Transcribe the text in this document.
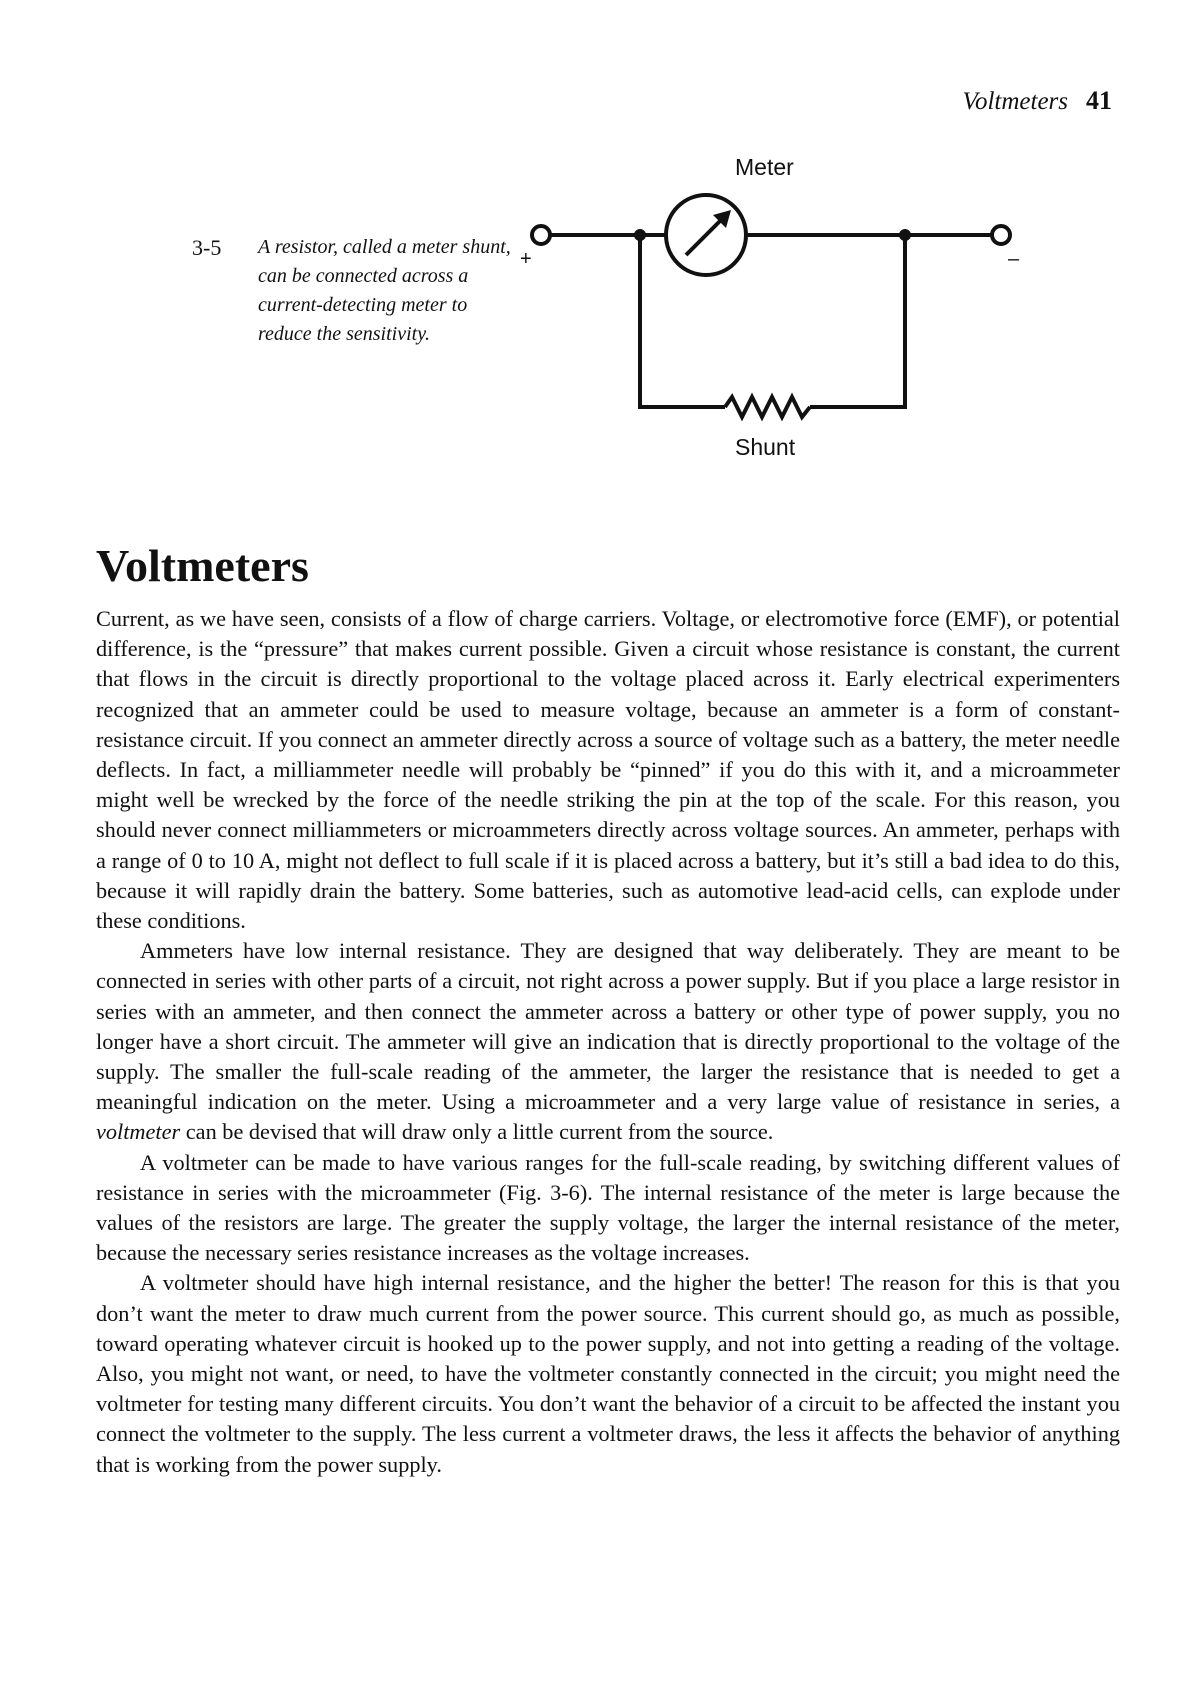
Voltmeters 41
3-5 A resistor, called a meter shunt, can be connected across a current-detecting meter to reduce the sensitivity.
Meter
Shunt
+	–
Voltmeters

Current, as we have seen, consists of a flow of charge carriers. Voltage, or electromotive force (EMF), or potential difference, is the “pressure” that makes current possible. Given a circuit whose resistance is constant, the current that flows in the circuit is directly proportional to the voltage placed across it. Early electrical experimenters recognized that an ammeter could be used to measure voltage, because an ammeter is a form of constant-resistance circuit. If you connect an ammeter directly across a source of voltage such as a battery, the meter needle deflects. In fact, a milliammeter needle will probably be “pinned” if you do this with it, and a microammeter might well be wrecked by the force of the needle striking the pin at the top of the scale. For this reason, you should never connect milliammeters or microammeters directly across voltage sources. An ammeter, perhaps with a range of 0 to 10 A, might not deflect to full scale if it is placed across a battery, but it’s still a bad idea to do this, because it will rapidly drain the battery. Some batteries, such as automotive lead-acid cells, can explode under these conditions.

Ammeters have low internal resistance. They are designed that way deliberately. They are meant to be connected in series with other parts of a circuit, not right across a power supply. But if you place a large resistor in series with an ammeter, and then connect the ammeter across a battery or other type of power supply, you no longer have a short circuit. The ammeter will give an indication that is directly proportional to the voltage of the supply. The smaller the full-scale reading of the ammeter, the larger the resistance that is needed to get a meaningful indication on the meter. Using a microammeter and a very large value of resistance in series, a voltmeter can be devised that will draw only a little current from the source.

A voltmeter can be made to have various ranges for the full-scale reading, by switching different values of resistance in series with the microammeter (Fig. 3-6). The internal resistance of the meter is large because the values of the resistors are large. The greater the supply voltage, the larger the internal resistance of the meter, because the necessary series resistance increases as the voltage increases.

A voltmeter should have high internal resistance, and the higher the better! The reason for this is that you don’t want the meter to draw much current from the power source. This current should go, as much as possible, toward operating whatever circuit is hooked up to the power supply, and not into getting a reading of the voltage. Also, you might not want, or need, to have the voltmeter constantly connected in the circuit; you might need the voltmeter for testing many different circuits. You don’t want the behavior of a circuit to be affected the instant you connect the voltmeter to the supply. The less current a voltmeter draws, the less it affects the behavior of anything that is working from the power supply.
